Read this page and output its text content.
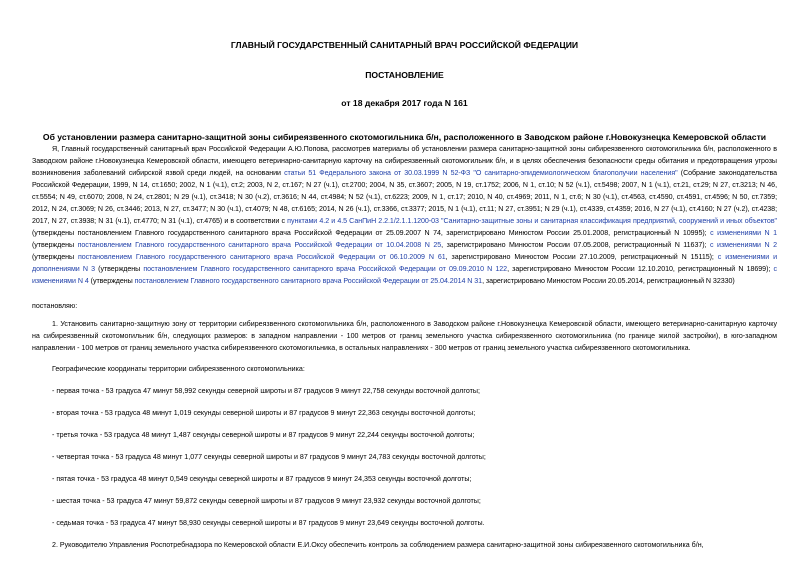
ГЛАВНЫЙ ГОСУДАРСТВЕННЫЙ САНИТАРНЫЙ ВРАЧ РОССИЙСКОЙ ФЕДЕРАЦИИ
ПОСТАНОВЛЕНИЕ
от 18 декабря 2017 года N 161
Об установлении размера санитарно-защитной зоны сибиреязвенного скотомогильника б/н, расположенного в Заводском районе г.Новокузнецка Кемеровской области

Я, Главный государственный санитарный врач Российской Федерации А.Ю.Попова, рассмотрев материалы об установлении размера санитарно-защитной зоны сибиреязвенного скотомогильника б/н, расположенного в Заводском районе г.Новокузнецка Кемеровской области, имеющего ветеринарно-санитарную карточку на сибиреязвенный скотомогильник б/н, и в целях обеспечения безопасности среды обитания и предотвращения угрозы возникновения заболеваний сибирской язвой среди людей, на основании статьи 51 Федерального закона от 30.03.1999 N 52-ФЗ "О санитарно-эпидемиологическом благополучии населения" (Собрание законодательства Российской Федерации, 1999, N 14, ст.1650; 2002, N 1 (ч.1), ст.2; 2003, N 2, ст.167; N 27 (ч.1), ст.2700; 2004, N 35, ст.3607; 2005, N 19, ст.1752; 2006, N 1, ст.10; N 52 (ч.1), ст.5498; 2007, N 1 (ч.1), ст.21, ст.29; N 27, ст.3213; N 46, ст.5554; N 49, ст.6070; 2008, N 24, ст.2801; N 29 (ч.1), ст.3418; N 30 (ч.2), ст.3616; N 44, ст.4984; N 52 (ч.1), ст.6223; 2009, N 1, ст.17; 2010, N 40, ст.4969; 2011, N 1, ст.6; N 30 (ч.1), ст.4563, ст.4590, ст.4591, ст.4596; N 50, ст.7359; 2012, N 24, ст.3069; N 26, ст.3446; 2013, N 27, ст.3477; N 30 (ч.1), ст.4079; N 48, ст.6165; 2014, N 26 (ч.1), ст.3366, ст.3377; 2015, N 1 (ч.1), ст.11; N 27, ст.3951; N 29 (ч.1), ст.4339, ст.4359; 2016, N 27 (ч.1), ст.4160; N 27 (ч.2), ст.4238; 2017, N 27, ст.3938; N 31 (ч.1), ст.4770; N 31 (ч.1), ст.4765) и в соответствии с пунктами 4.2 и 4.5 СанПиН 2.2.1/2.1.1.1200-03 "Санитарно-защитные зоны и санитарная классификация предприятий, сооружений и иных объектов" (утверждены постановлением Главного государственного санитарного врача Российской Федерации от 25.09.2007 N 74, зарегистрировано Минюстом России 25.01.2008, регистрационный N 10995); с изменениями N 1 (утверждены постановлением Главного государственного санитарного врача Российской Федерации от 10.04.2008 N 25, зарегистрировано Минюстом России 07.05.2008, регистрационный N 11637); с изменениями N 2 (утверждены постановлением Главного государственного санитарного врача Российской Федерации от 06.10.2009 N 61, зарегистрировано Минюстом России 27.10.2009, регистрационный N 15115); с изменениями и дополнениями N 3 (утверждены постановлением Главного государственного санитарного врача Российской Федерации от 09.09.2010 N 122, зарегистрировано Минюстом России 12.10.2010, регистрационный N 18699); с изменениями N 4 (утверждены постановлением Главного государственного санитарного врача Российской Федерации от 25.04.2014 N 31, зарегистрировано Минюстом России 20.05.2014, регистрационный N 32330)

постановляю:

1. Установить санитарно-защитную зону от территории сибиреязвенного скотомогильника б/н, расположенного в Заводском районе г.Новокузнецка Кемеровской области, имеющего ветеринарно-санитарную карточку на сибиреязвенный скотомогильник б/н, следующих размеров: в западном направлении - 100 метров от границ земельного участка сибиреязвенного скотомогильника (по границе жилой застройки), в юго-западном направлении - 100 метров от границ земельного участка сибиреязвенного скотомогильника, в остальных направлениях - 300 метров от границ земельного участка сибиреязвенного скотомогильника.

Географические координаты территории сибиреязвенного скотомогильника:

- первая точка - 53 градуса 47 минут 58,992 секунды северной широты и 87 градусов 9 минут 22,758 секунды восточной долготы;

- вторая точка - 53 градуса 48 минут 1,019 секунды северной широты и 87 градусов 9 минут 22,363 секунды восточной долготы;

- третья точка - 53 градуса 48 минут 1,487 секунды северной широты и 87 градусов 9 минут 22,244 секунды восточной долготы;

- четвертая точка - 53 градуса 48 минут 1,077 секунды северной широты и 87 градусов 9 минут 24,783 секунды восточной долготы;

- пятая точка - 53 градуса 48 минут 0,549 секунды северной широты и 87 градусов 9 минут 24,353 секунды восточной долготы;

- шестая точка - 53 градуса 47 минут 59,872 секунды северной широты и 87 градусов 9 минут 23,932 секунды восточной долготы;

- седьмая точка - 53 градуса 47 минут 58,930 секунды северной широты и 87 градусов 9 минут 23,649 секунды восточной долготы.

2. Руководителю Управления Роспотребнадзора по Кемеровской области Е.И.Оксу обеспечить контроль за соблюдением размера санитарно-защитной зоны сибиреязвенного скотомогильника б/н,
